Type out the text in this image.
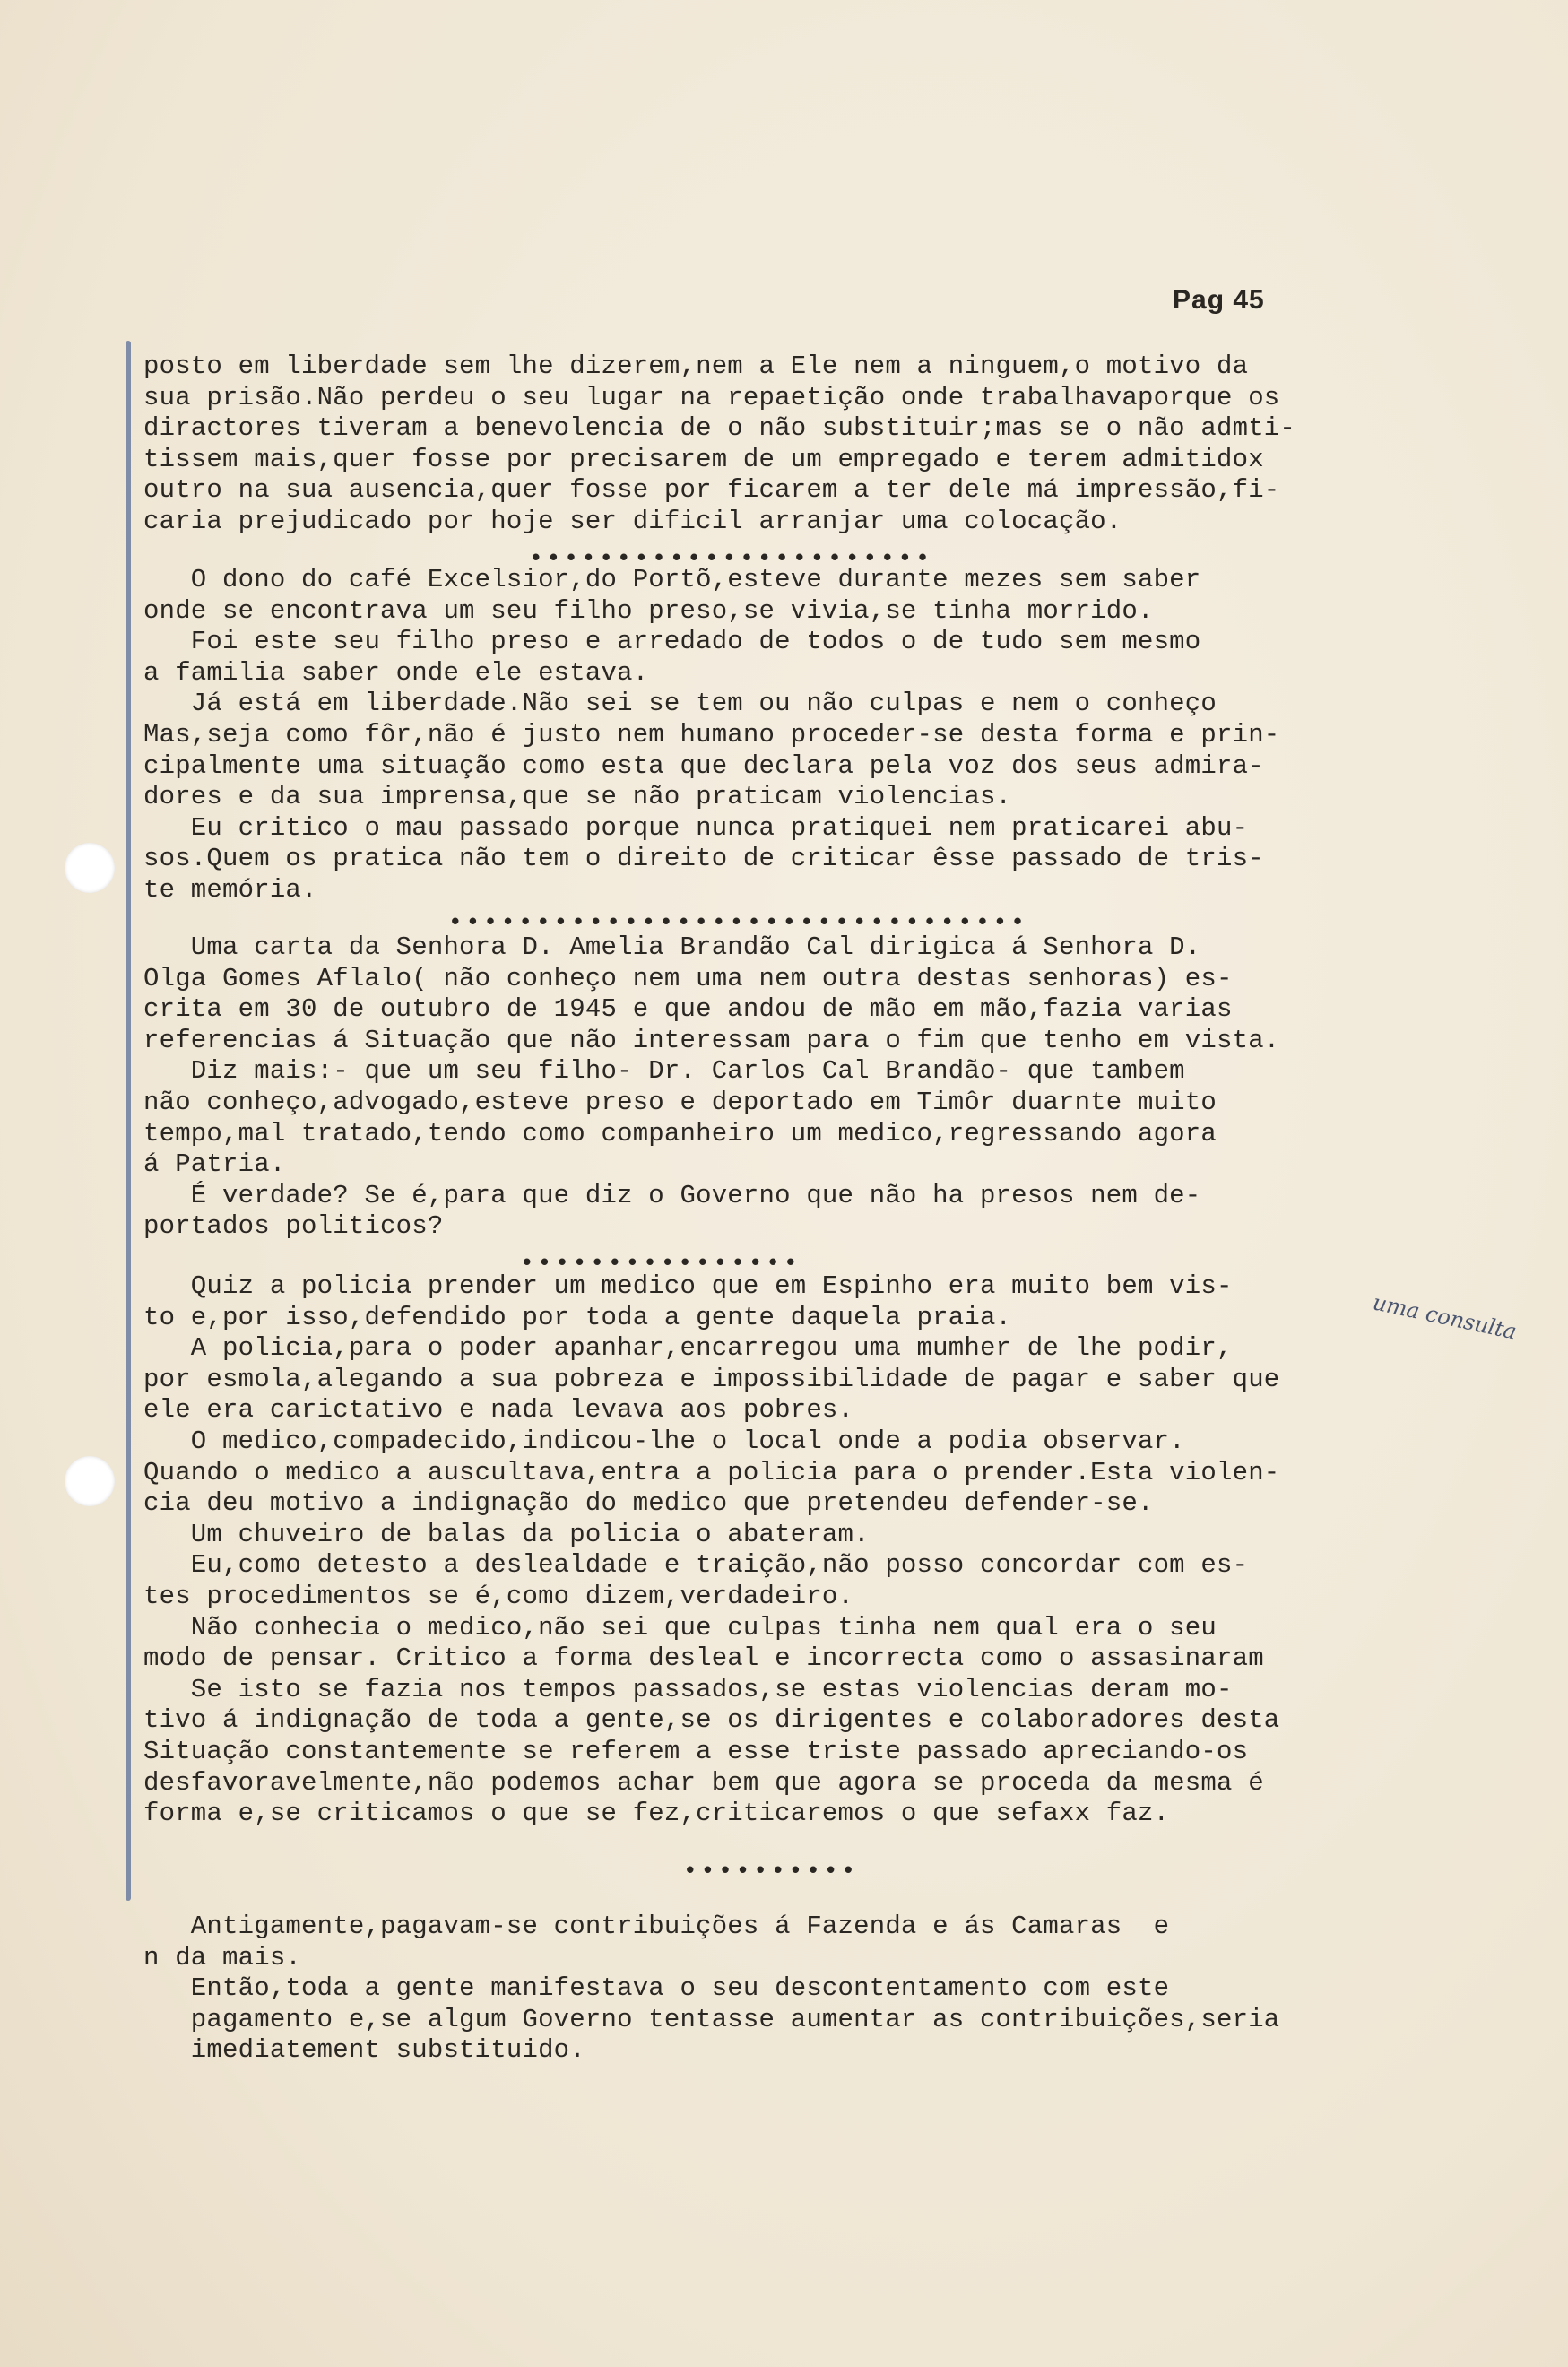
Pag 45
posto em liberdade sem lhe dizerem,nem a Ele nem a ninguem,o motivo da
sua prisão.Não perdeu o seu lugar na repaetição onde trabalhavaporque os
diractores tiveram a benevolencia de o não substituir;mas se o não admti-
tissem mais,quer fosse por precisarem de um empregado e terem admitidox
outro na sua ausencia,quer fosse por ficarem a ter dele má impressão,fi-
caria prejudicado por hoje ser dificil arranjar uma colocação.
•••••••••••••••••••••••
O dono do café Excelsior,do Portõ,esteve durante mezes sem saber
onde se encontrava um seu filho preso,se vivia,se tinha morrido.
Foi este seu filho preso e arredado de todos o de tudo sem mesmo
a familia saber onde ele estava.
Já está em liberdade.Não sei se tem ou não culpas e nem o conheço
Mas,seja como fôr,não é justo nem humano proceder-se desta forma e prin-
cipalmente uma situação como esta que declara pela voz dos seus admira-
dores e da sua imprensa,que se não praticam violencias.
Eu critico o mau passado porque nunca pratiquei nem praticarei abu-
sos.Quem os pratica não tem o direito de criticar êsse passado de tris-
te memória.
•••••••••••••••••••••••••••••••••
Uma carta da Senhora D. Amelia Brandão Cal dirigica á Senhora D.
Olga Gomes Aflalo( não conheço nem uma nem outra destas senhoras) es-
crita em 30 de outubro de 1945 e que andou de mão em mão,fazia varias
referencias á Situação que não interessam para o fim que tenho em vista.
Diz mais:- que um seu filho- Dr. Carlos Cal Brandão- que tambem
não conheço,advogado,esteve preso e deportado em Timôr duarnte muito
tempo,mal tratado,tendo como companheiro um medico,regressando agora
á Patria.
É verdade? Se é,para que diz o Governo que não ha presos nem de-
portados politicos?
••••••••••••••••
Quiz a policia prender um medico que em Espinho era muito bem vis-
to e,por isso,defendido por toda a gente daquela praia.
A policia,para o poder apanhar,encarregou uma mumher de lhe podir,
por esmola,alegando a sua pobreza e impossibilidade de pagar e saber que
ele era carictativo e nada levava aos pobres.
O medico,compadecido,indicou-lhe o local onde a podia observar.
Quando o medico a auscultava,entra a policia para o prender.Esta violen-
cia deu motivo a indignação do medico que pretendeu defender-se.
Um chuveiro de balas da policia o abateram.
Eu,como detesto a deslealdade e traição,não posso concordar com es-
tes procedimentos se é,como dizem,verdadeiro.
Não conhecia o medico,não sei que culpas tinha nem qual era o seu
modo de pensar. Critico a forma desleal e incorrecta como o assasinaram
Se isto se fazia nos tempos passados,se estas violencias deram mo-
tivo á indignação de toda a gente,se os dirigentes e colaboradores desta
Situação constantemente se referem a esse triste passado apreciando-os
desfavoravelmente,não podemos achar bem que agora se proceda da mesma é
forma e,se criticamos o que se fez,criticaremos o que sefaxx faz.
••••••••••
Antigamente,pagavam-se contribuições á Fazenda e ás Camaras  e
n da mais.
Então,toda a gente manifestava o seu descontentamento com este
pagamento e,se algum Governo tentasse aumentar as contribuições,seria
imediatement substituido.
uma consulta
